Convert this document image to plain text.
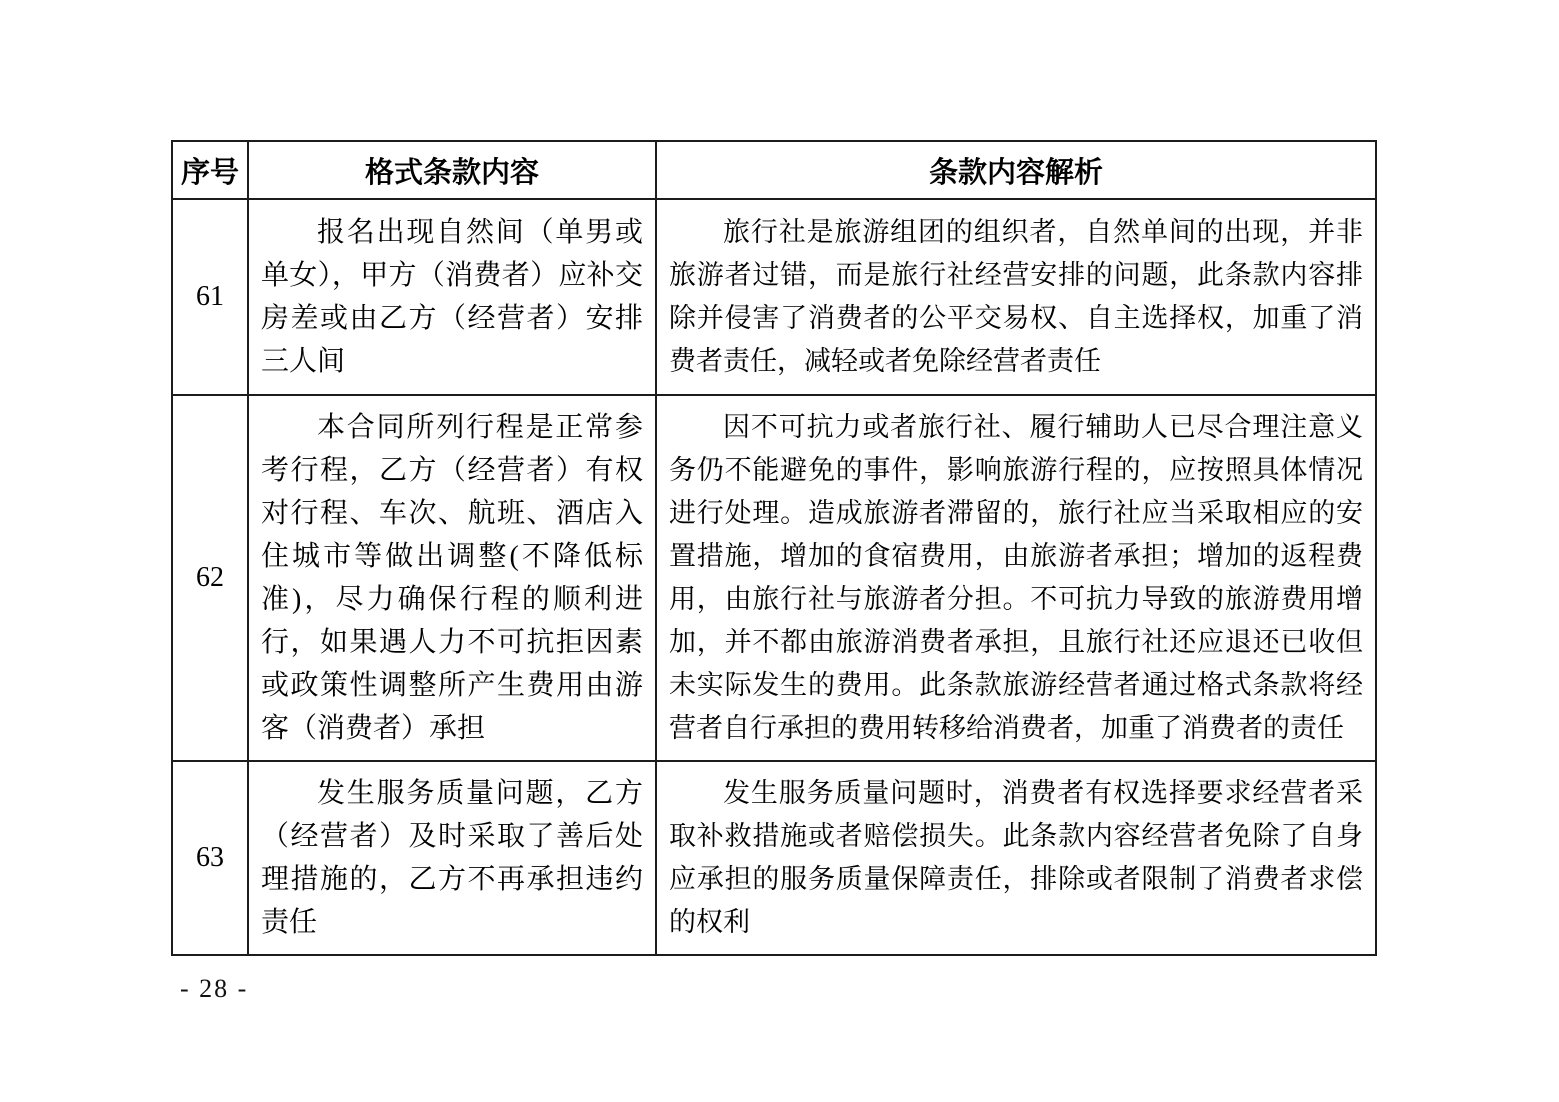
序号	格式条款内容	条款内容解析
61	报名出现自然间（单男或单女），甲方（消费者）应补交房差或由乙方（经营者）安排三人间	旅行社是旅游组团的组织者，自然单间的出现，并非旅游者过错，而是旅行社经营安排的问题，此条款内容排除并侵害了消费者的公平交易权、自主选择权，加重了消费者责任，减轻或者免除经营者责任
62	本合同所列行程是正常参考行程，乙方（经营者）有权对行程、车次、航班、酒店入住城市等做出调整(不降低标准)，尽力确保行程的顺利进行，如果遇人力不可抗拒因素或政策性调整所产生费用由游客（消费者）承担	因不可抗力或者旅行社、履行辅助人已尽合理注意义务仍不能避免的事件，影响旅游行程的，应按照具体情况进行处理。造成旅游者滞留的，旅行社应当采取相应的安置措施，增加的食宿费用，由旅游者承担；增加的返程费用，由旅行社与旅游者分担。不可抗力导致的旅游费用增加，并不都由旅游消费者承担，且旅行社还应退还已收但未实际发生的费用。此条款旅游经营者通过格式条款将经营者自行承担的费用转移给消费者，加重了消费者的责任
63	发生服务质量问题，乙方（经营者）及时采取了善后处理措施的，乙方不再承担违约责任	发生服务质量问题时，消费者有权选择要求经营者采取补救措施或者赔偿损失。此条款内容经营者免除了自身应承担的服务质量保障责任，排除或者限制了消费者求偿的权利
- 28 -
